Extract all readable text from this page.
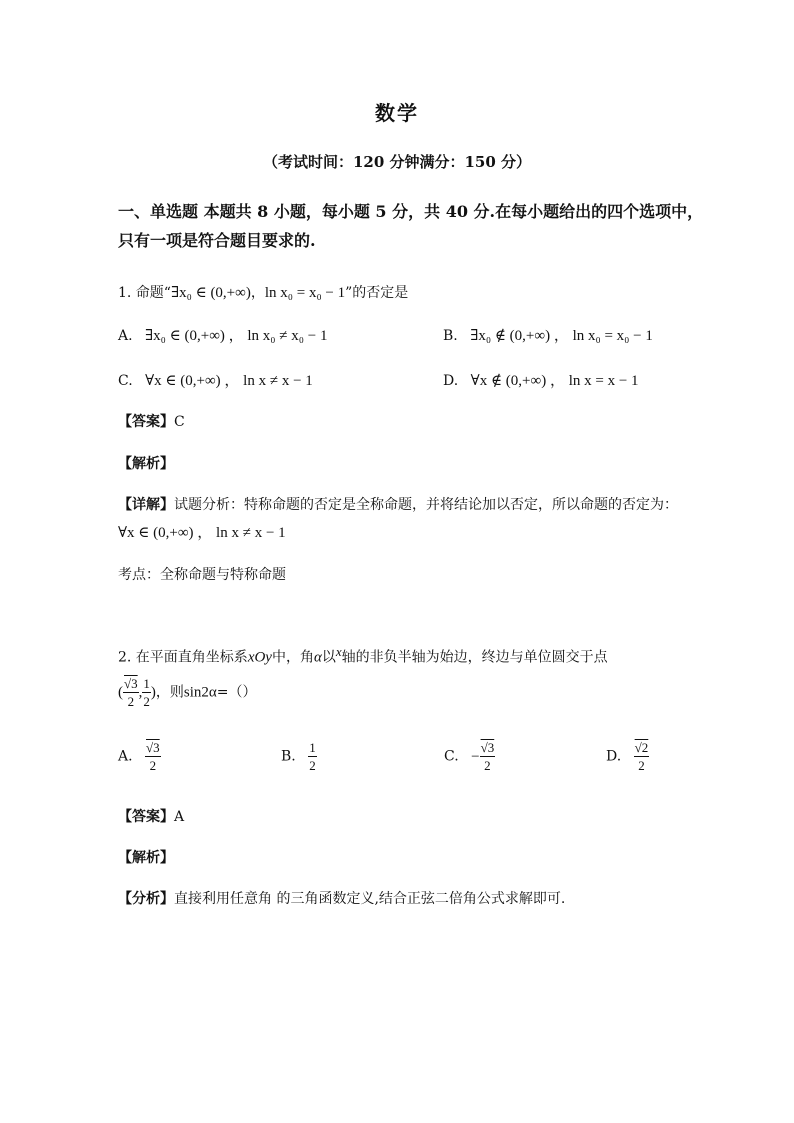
数学
（考试时间：120 分钟满分：150 分）
一、单选题 本题共 8 小题，每小题 5 分，共 40 分.在每小题给出的四个选项中，
只有一项是符合题目要求的.
1. 命题“∃x₀ ∈ (0,+∞)，ln x₀ = x₀ − 1”的否定是
A. ∃x₀ ∈ (0,+∞) ， ln x₀ ≠ x₀ − 1	B. ∃x₀ ∉ (0,+∞) ， ln x₀ = x₀ − 1
C. ∀x ∈ (0,+∞) ， ln x ≠ x − 1	D. ∀x ∉ (0,+∞) ， ln x = x − 1
【答案】C
【解析】
【详解】试题分析：特称命题的否定是全称命题，并将结论加以否定，所以命题的否定为：
∀x ∈ (0,+∞) ， ln x ≠ x − 1
考点：全称命题与特称命题
2. 在平面直角坐标系xOy中，角α以x轴的非负半轴为始边，终边与单位圆交于点
( $\frac{√3}{2}$ , $\frac{1}{2}$ )，则sin2α=（）
A. $\frac{√3}{2}$	B. $\frac{1}{2}$	C. − $\frac{√3}{2}$	D. $\frac{√2}{2}$
【答案】A
【解析】
【分析】直接利用任意角 的三角函数定义,结合正弦二倍角公式求解即可.
